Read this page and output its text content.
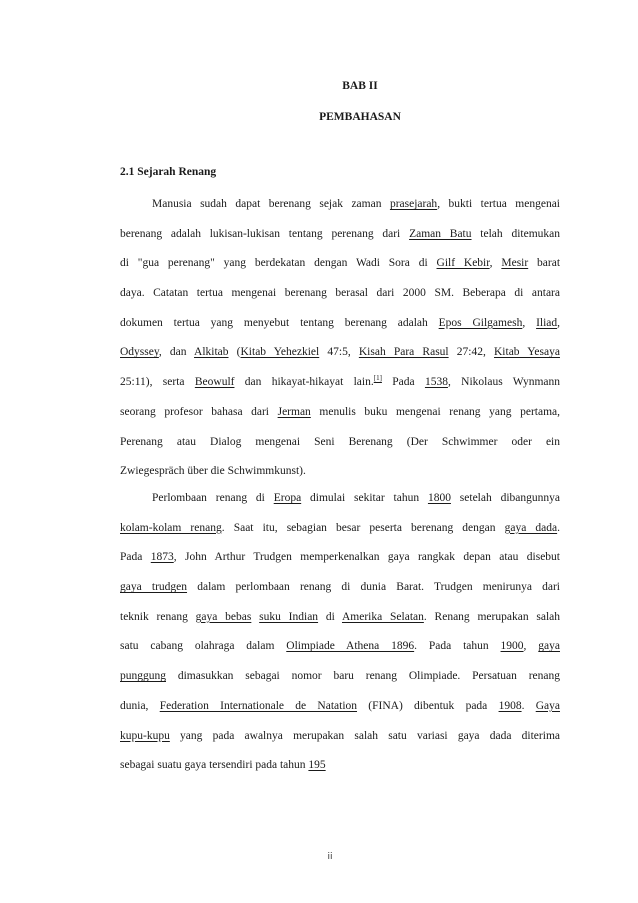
BAB II
PEMBAHASAN
2.1 Sejarah Renang
Manusia sudah dapat berenang sejak zaman prasejarah, bukti tertua mengenai
berenang adalah lukisan-lukisan tentang perenang dari Zaman Batu telah ditemukan
di "gua perenang" yang berdekatan dengan Wadi Sora di Gilf Kebir, Mesir barat
daya. Catatan tertua mengenai berenang berasal dari 2000 SM. Beberapa di antara
dokumen tertua yang menyebut tentang berenang adalah Epos Gilgamesh, Iliad,
Odyssey, dan Alkitab (Kitab Yehezkiel 47:5, Kisah Para Rasul 27:42, Kitab Yesaya
25:11), serta Beowulf dan hikayat-hikayat lain.[1] Pada 1538, Nikolaus Wynmann
seorang profesor bahasa dari Jerman menulis buku mengenai renang yang pertama,
Perenang atau Dialog mengenai Seni Berenang (Der Schwimmer oder ein
Zwiegespräch über die Schwimmkunst).
Perlombaan renang di Eropa dimulai sekitar tahun 1800 setelah dibangunnya
kolam-kolam renang. Saat itu, sebagian besar peserta berenang dengan gaya dada.
Pada 1873, John Arthur Trudgen memperkenalkan gaya rangkak depan atau disebut
gaya trudgen dalam perlombaan renang di dunia Barat. Trudgen menirunya dari
teknik renang gaya bebas suku Indian di Amerika Selatan. Renang merupakan salah
satu cabang olahraga dalam Olimpiade Athena 1896. Pada tahun 1900, gaya
punggung dimasukkan sebagai nomor baru renang Olimpiade. Persatuan renang
dunia, Federation Internationale de Natation (FINA) dibentuk pada 1908. Gaya
kupu-kupu yang pada awalnya merupakan salah satu variasi gaya dada diterima
sebagai suatu gaya tersendiri pada tahun 195
ii
